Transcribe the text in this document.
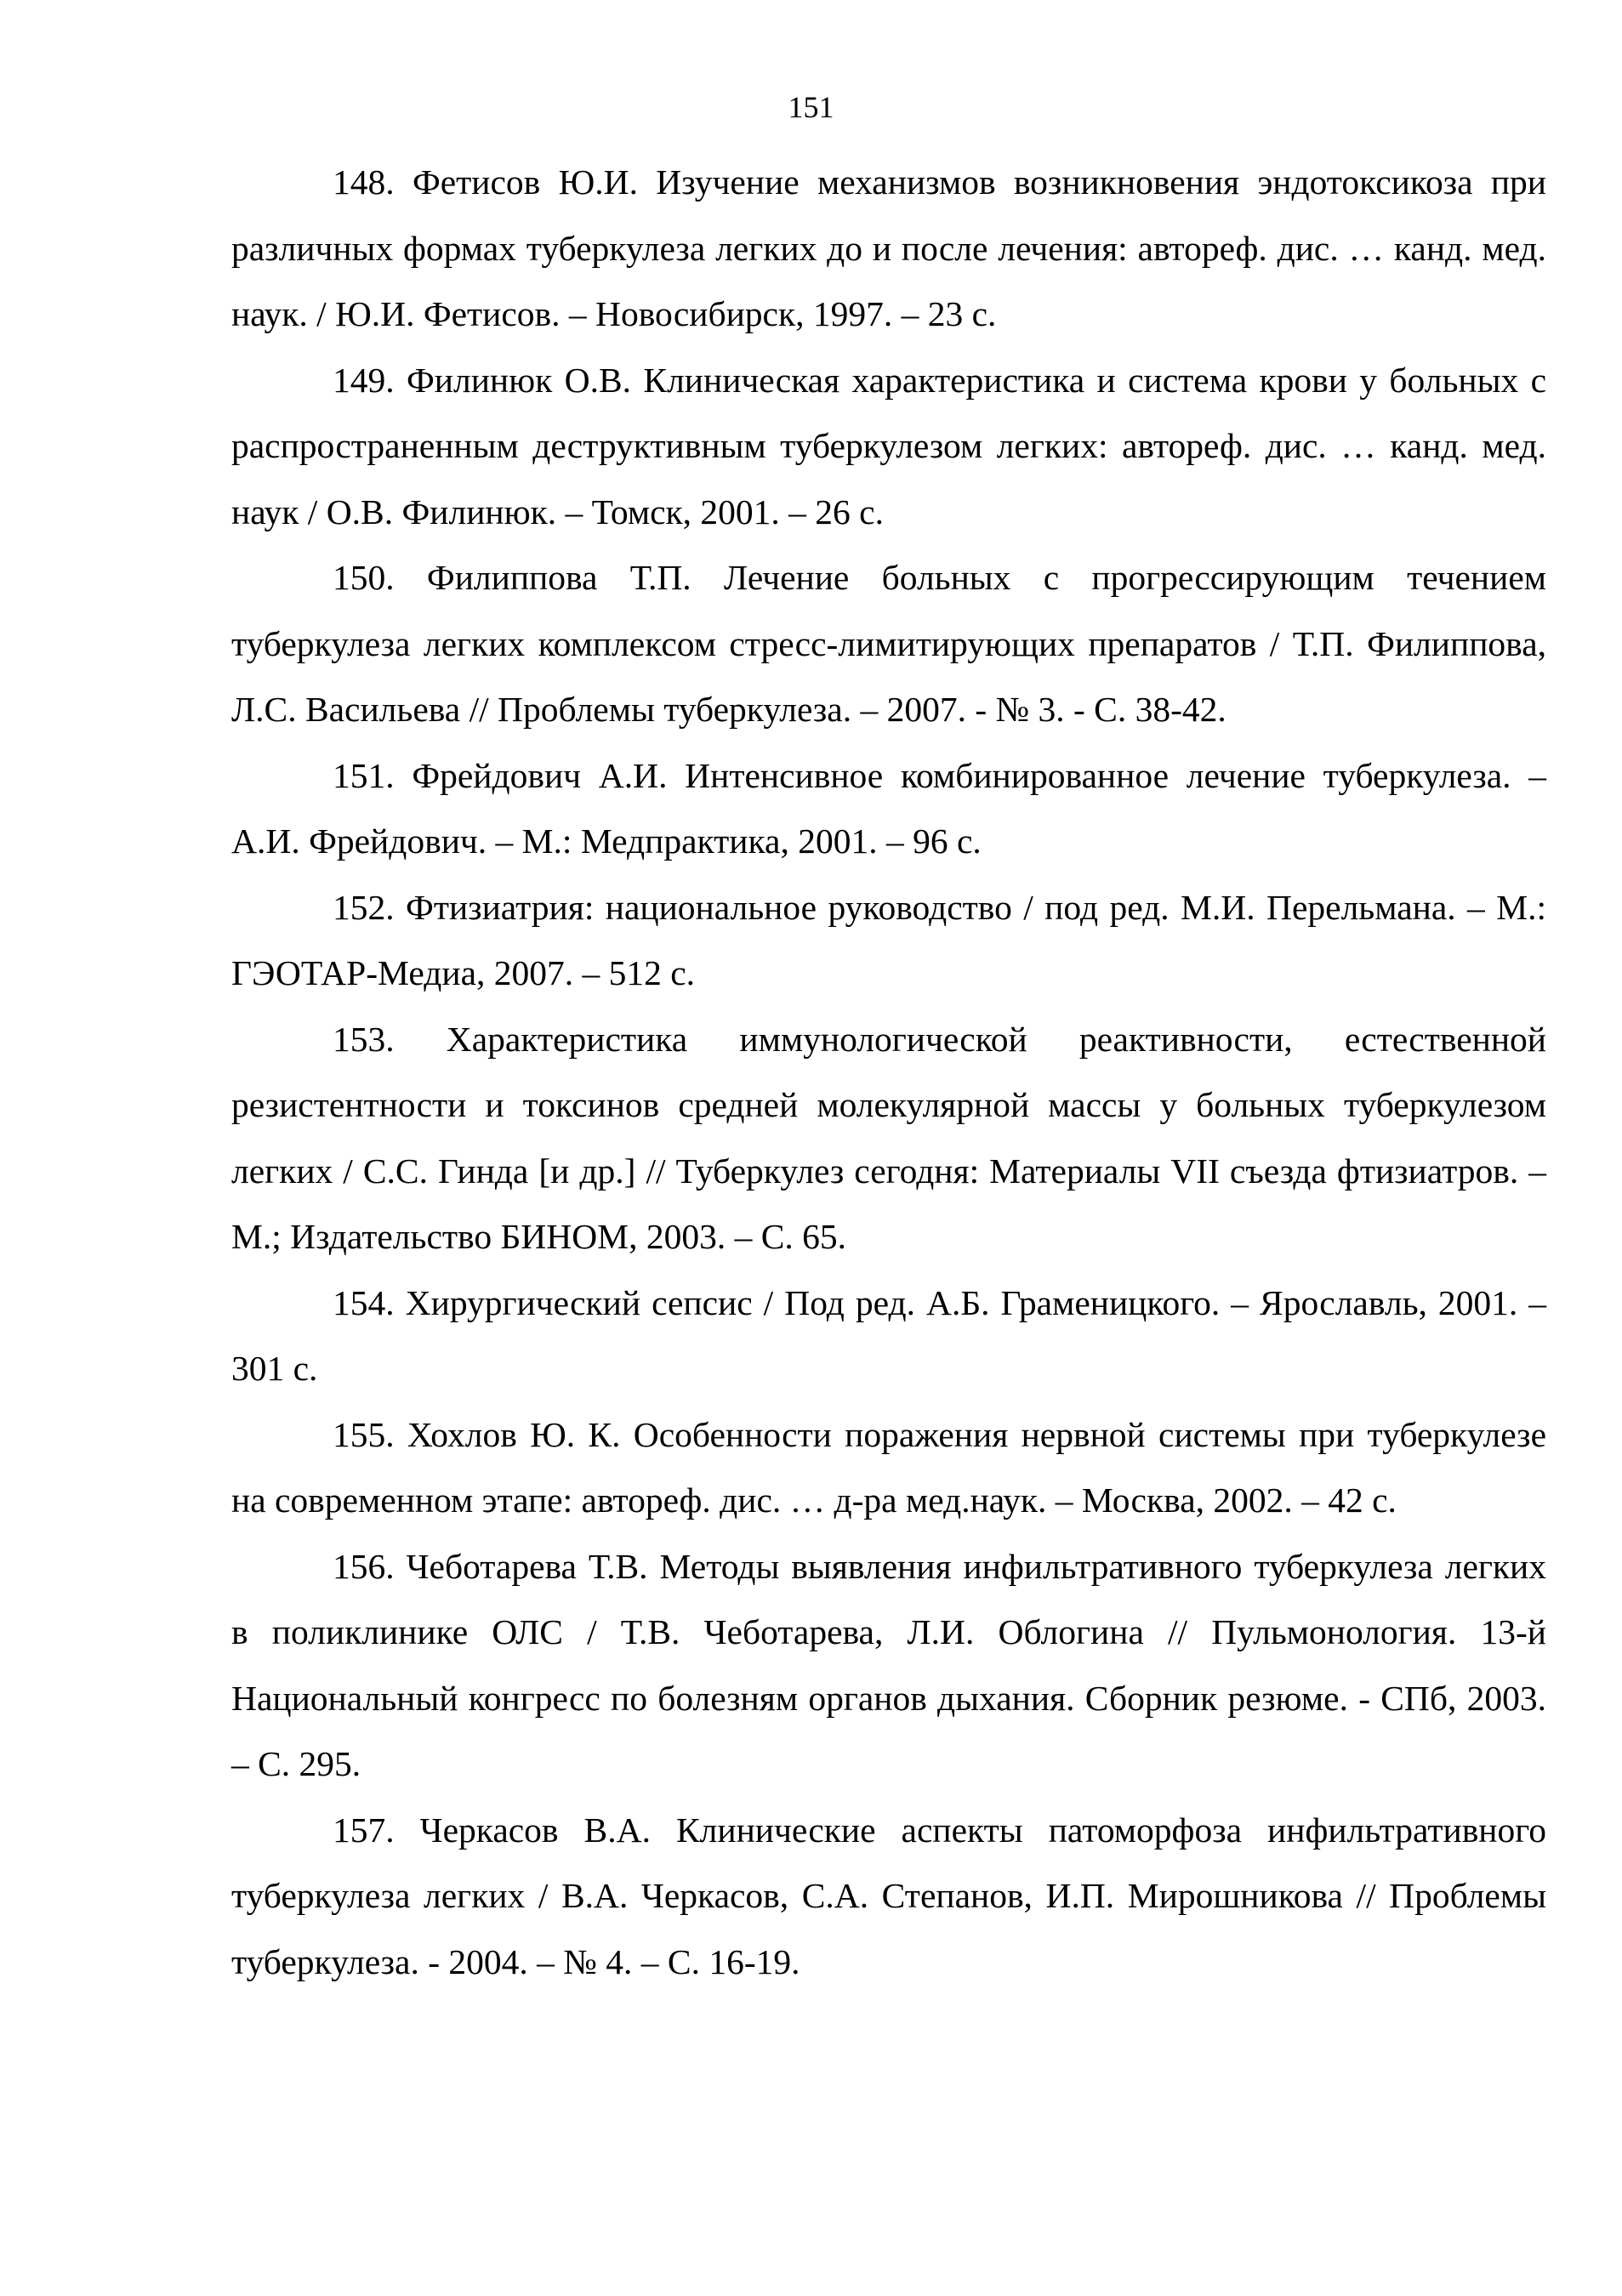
151

148. Фетисов Ю.И. Изучение механизмов возникновения эндотоксикоза при различных формах туберкулеза легких до и после лечения: автореф. дис. … канд. мед. наук. / Ю.И. Фетисов. – Новосибирск, 1997. – 23 с.

149. Филинюк О.В. Клиническая характеристика и система крови у больных с распространенным деструктивным туберкулезом легких: автореф. дис. … канд. мед. наук / О.В. Филинюк. – Томск, 2001. – 26 с.

150. Филиппова Т.П. Лечение больных с прогрессирующим течением туберкулеза легких комплексом стресс-лимитирующих препаратов / Т.П. Филиппова, Л.С. Васильева // Проблемы туберкулеза. – 2007. - № 3. - С. 38-42.

151. Фрейдович А.И. Интенсивное комбинированное лечение туберкулеза. – А.И. Фрейдович. – М.: Медпрактика, 2001. – 96 с.

152. Фтизиатрия: национальное руководство / под ред. М.И. Перельмана. – М.: ГЭОТАР-Медиа, 2007. – 512 с.

153. Характеристика иммунологической реактивности, естественной резистентности и токсинов средней молекулярной массы у больных туберкулезом легких / С.С. Гинда [и др.] // Туберкулез сегодня: Материалы VII съезда фтизиатров. – М.; Издательство БИНОМ, 2003. – С. 65.

154. Хирургический сепсис / Под ред. А.Б. Граменицкого. – Ярославль, 2001. – 301 с.

155. Хохлов Ю. К. Особенности поражения нервной системы при туберкулезе на современном этапе: автореф. дис. … д-ра мед.наук. – Москва, 2002. – 42 с.

156. Чеботарева Т.В. Методы выявления инфильтративного туберкулеза легких в поликлинике ОЛС / Т.В. Чеботарева, Л.И. Облогина // Пульмонология. 13-й Национальный конгресс по болезням органов дыхания. Сборник резюме. - СПб, 2003. – С. 295.

157. Черкасов В.А. Клинические аспекты патоморфоза инфильтративного туберкулеза легких / В.А. Черкасов, С.А. Степанов, И.П. Мирошникова // Проблемы туберкулеза. - 2004. – № 4. – С. 16-19.
